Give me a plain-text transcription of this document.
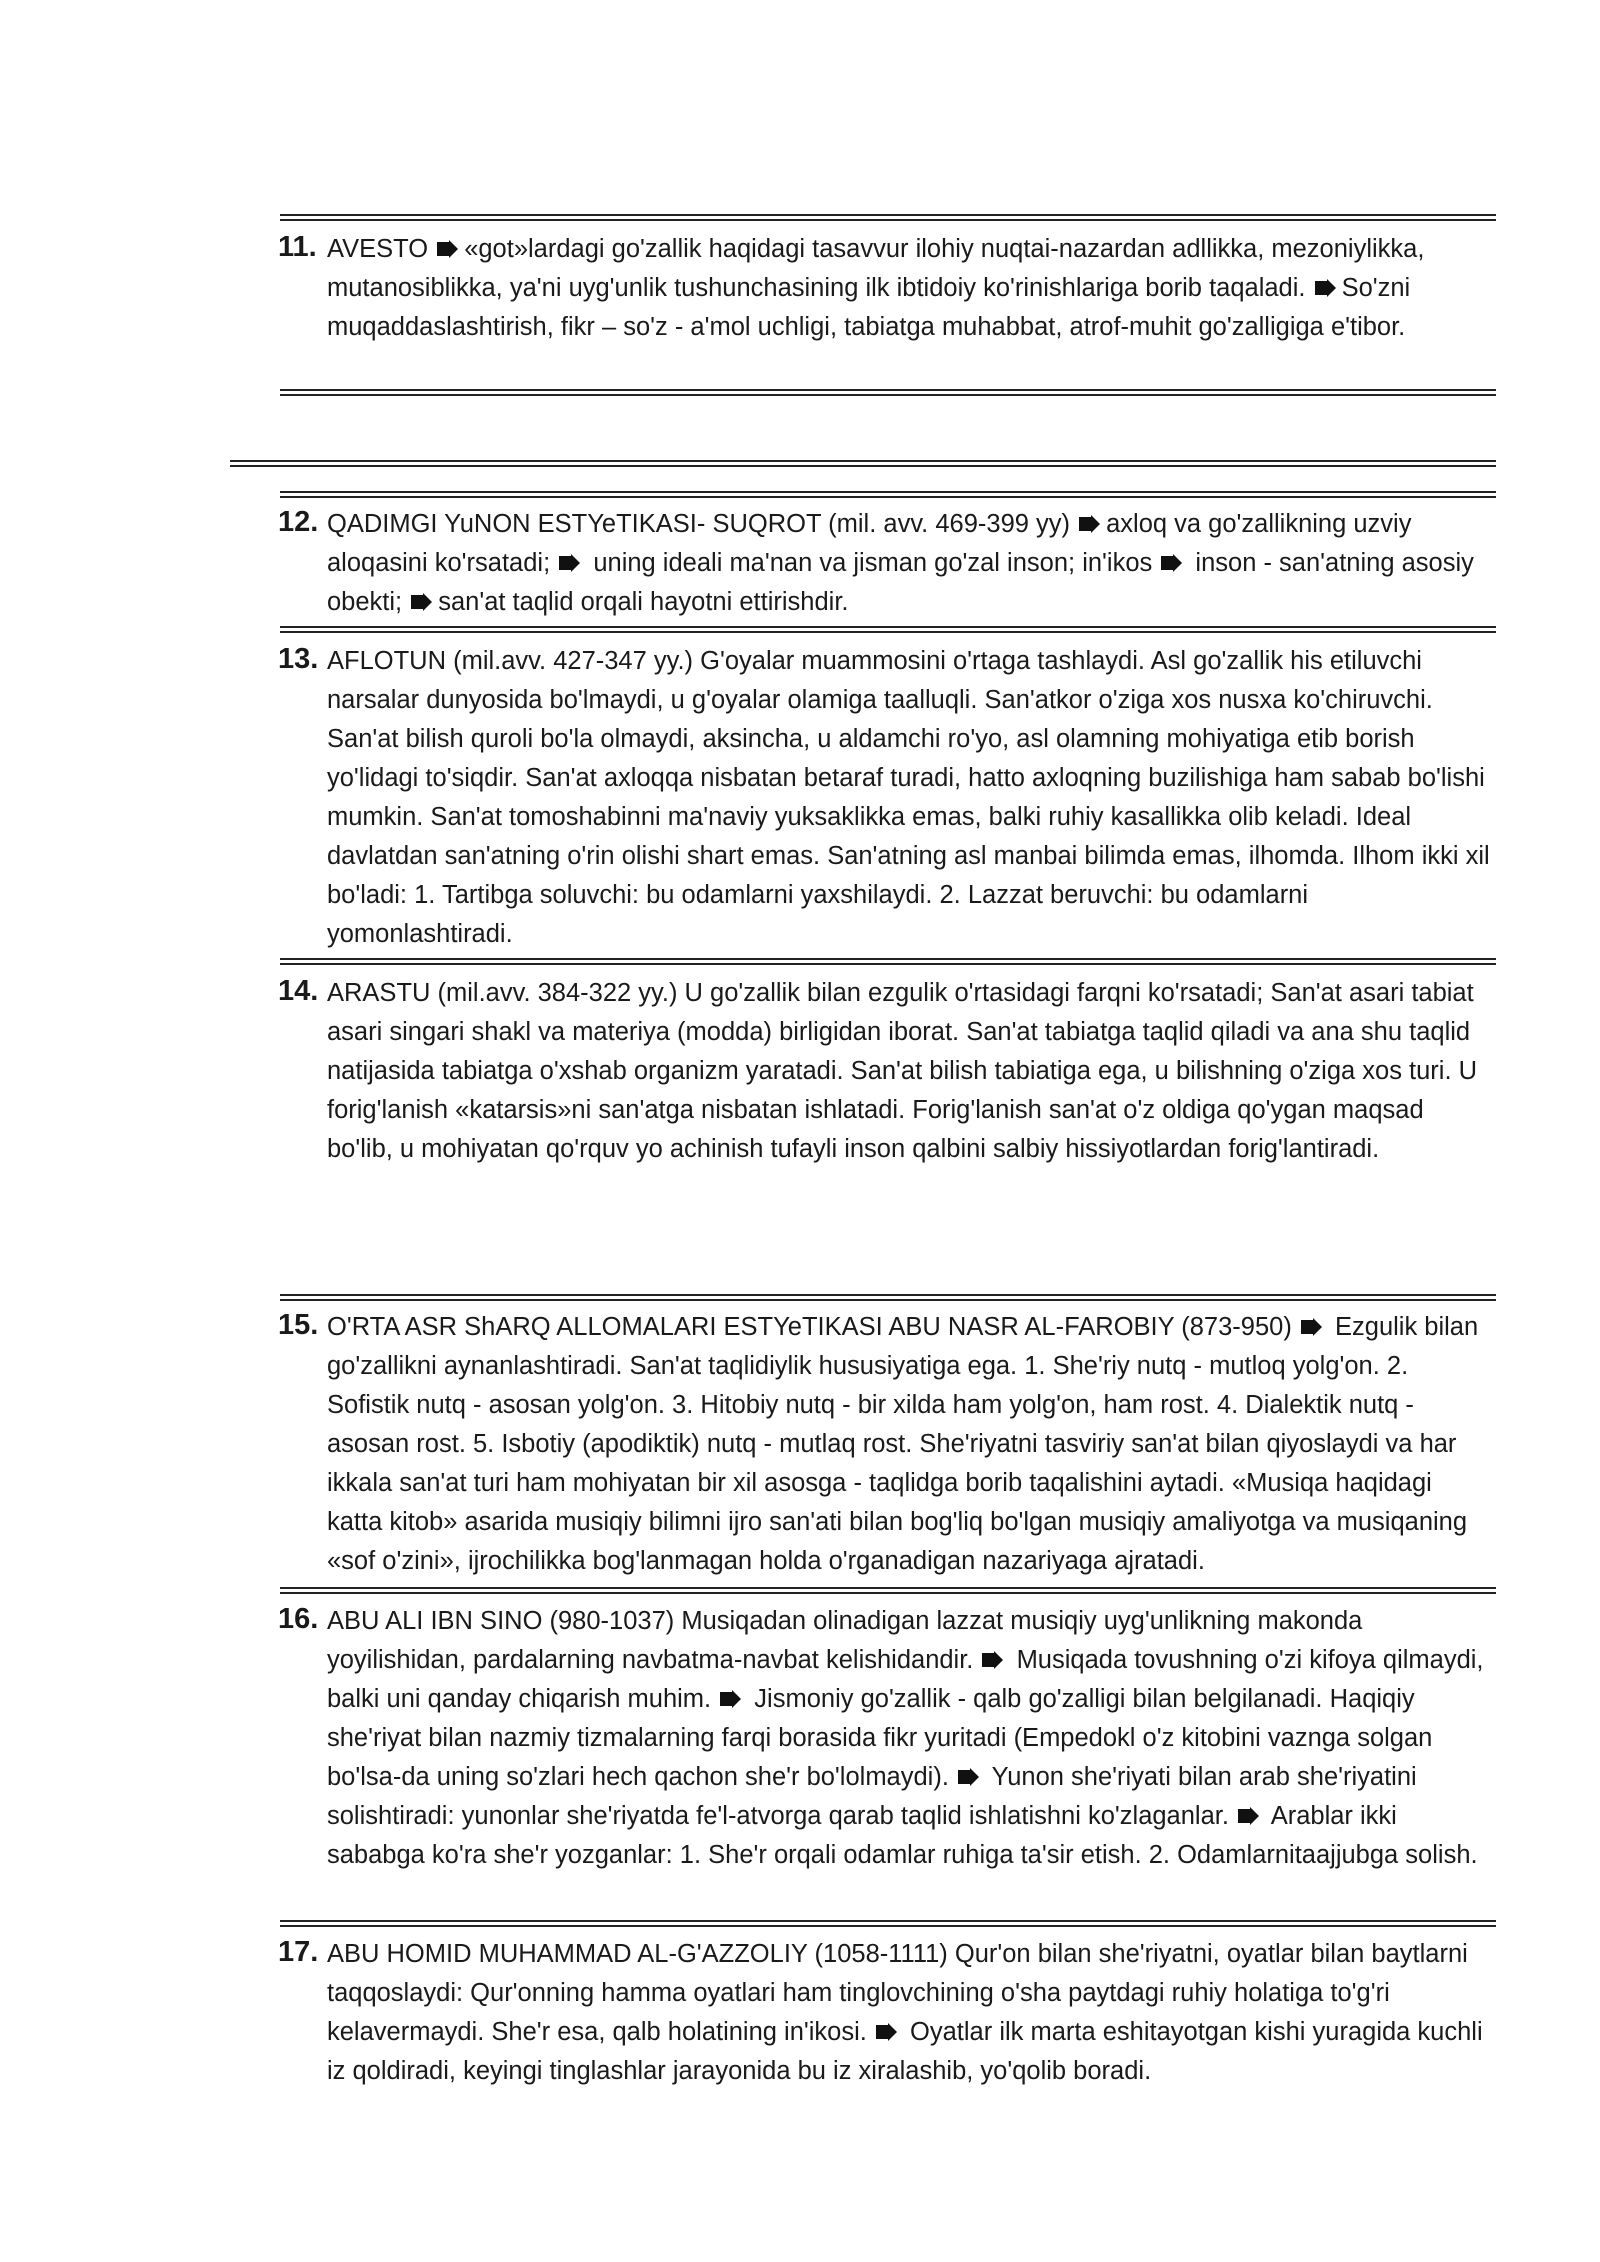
11. AVESTO «got»lardagi go'zallik haqidagi tasavvur ilohiy nuqtai-nazardan adllikka, mezoniylikka, mutanosiblikka, ya'ni uyg'unlik tushunchasining ilk ibtidoiy ko'rinishlariga borib taqaladi. So'zni muqaddaslashtirish, fikr – so'z - a'mol uchligi, tabiatga muhabbat, atrof-muhit go'zalligiga e'tibor.
12. QADIMGI YuNON ESTYeTIKASI- SUQROT (mil. avv. 469-399 yy) axloq va go'zallikning uzviy aloqasini ko'rsatadi;  uning ideali ma'nan va jisman go'zal inson; in'ikos  inson - san'atning asosiy obekti; san'at taqlid orqali hayotni ettirishdir.
13. AFLOTUN (mil.avv. 427-347 yy.) G'oyalar muammosini o'rtaga tashlaydi. Asl go'zallik his etiluvchi narsalar dunyosida bo'lmaydi, u g'oyalar olamiga taalluqli. San'atkor o'ziga xos nusxa ko'chiruvchi. San'at bilish quroli bo'la olmaydi, aksincha, u aldamchi ro'yo, asl olamning mohiyatiga etib borish yo'lidagi to'siqdir. San'at axloqqa nisbatan betaraf turadi, hatto axloqning buzilishiga ham sabab bo'lishi mumkin. San'at tomoshabinni ma'naviy yuksaklikka emas, balki ruhiy kasallikka olib keladi. Ideal davlatdan san'atning o'rin olishi shart emas. San'atning asl manbai bilimda emas, ilhomda. Ilhom ikki xil bo'ladi: 1. Tartibga soluvchi: bu odamlarni yaxshilaydi. 2. Lazzat beruvchi: bu odamlarni yomonlashtiradi.
14. ARASTU (mil.avv. 384-322 yy.) U go'zallik bilan ezgulik o'rtasidagi farqni ko'rsatadi; San'at asari tabiat asari singari shakl va materiya (modda) birligidan iborat. San'at tabiatga taqlid qiladi va ana shu taqlid natijasida tabiatga o'xshab organizm yaratadi. San'at bilish tabiatiga ega, u bilishning o'ziga xos turi. U forig'lanish «katarsis»ni san'atga nisbatan ishlatadi. Forig'lanish san'at o'z oldiga qo'ygan maqsad bo'lib, u mohiyatan qo'rquv yo achinish tufayli inson qalbini salbiy hissiyotlardan forig'lantiradi.
15. O'RTA ASR ShARQ ALLOMALARI ESTYeTIKASI ABU NASR AL-FAROBIY (873-950)  Ezgulik bilan go'zallikni aynanlashtiradi. San'at taqlidiylik hususiyatiga ega. 1. She'riy nutq - mutloq yolg'on. 2. Sofistik nutq - asosan yolg'on. 3. Hitobiy nutq - bir xilda ham yolg'on, ham rost. 4. Dialektik nutq - asosan rost. 5. Isbotiy (apodiktik) nutq - mutlaq rost. She'riyatni tasviriy san'at bilan qiyoslaydi va har ikkala san'at turi ham mohiyatan bir xil asosga - taqlidga borib taqalishini aytadi. «Musiqa haqidagi katta kitob» asarida musiqiy bilimni ijro san'ati bilan bog'liq bo'lgan musiqiy amaliyotga va musiqaning «sof o'zini», ijrochilikka bog'lanmagan holda o'rganadigan nazariyaga ajratadi.
16. ABU ALI IBN SINO (980-1037) Musiqadan olinadigan lazzat musiqiy uyg'unlikning makonda yoyilishidan, pardalarning navbatma-navbat kelishidandir.  Musiqada tovushning o'zi kifoya qilmaydi, balki uni qanday chiqarish muhim.  Jismoniy go'zallik - qalb go'zalligi bilan belgilanadi. Haqiqiy she'riyat bilan nazmiy tizmalarning farqi borasida fikr yuritadi (Empedokl o'z kitobini vaznga solgan bo'lsa-da uning so'zlari hech qachon she'r bo'lolmaydi).  Yunon she'riyati bilan arab she'riyatini solishtiradi: yunonlar she'riyatda fe'l-atvorga qarab taqlid ishlatishni ko'zlaganlar.  Arablar ikki sababga ko'ra she'r yozganlar: 1. She'r orqali odamlar ruhiga ta'sir etish. 2. Odamlarnitaajjubga solish.
17. ABU HOMID MUHAMMAD AL-G'AZZOLIY (1058-1111) Qur'on bilan she'riyatni, oyatlar bilan baytlarni taqqoslaydi: Qur'onning hamma oyatlari ham tinglovchining o'sha paytdagi ruhiy holatiga to'g'ri kelavermaydi. She'r esa, qalb holatining in'ikosi.  Oyatlar ilk marta eshitayotgan kishi yuragida kuchli iz qoldiradi, keyingi tinglashlar jarayonida bu iz xiralashib, yo'qolib boradi.
